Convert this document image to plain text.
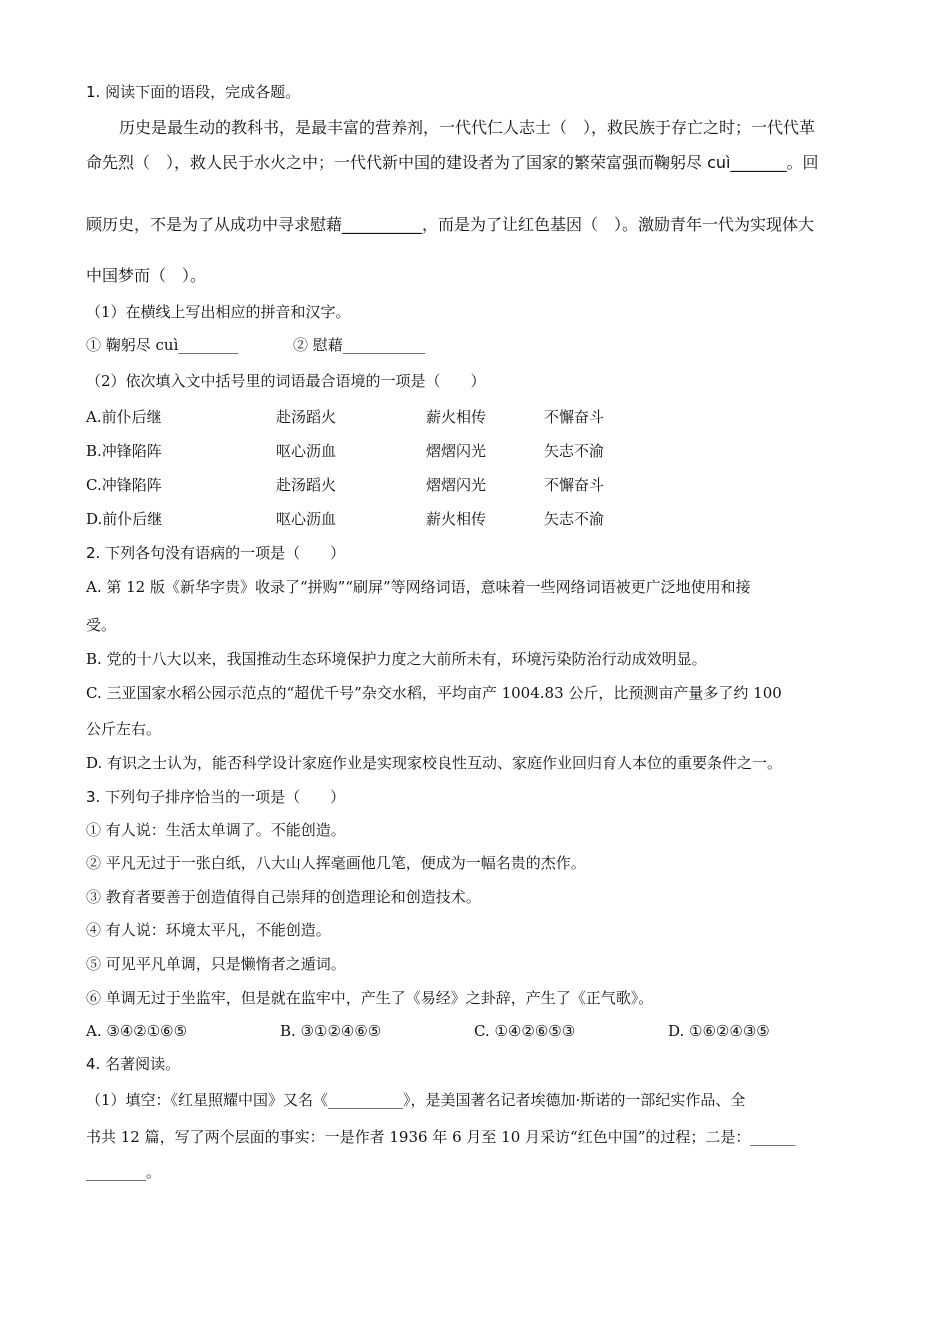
1. 阅读下面的语段，完成各题。
历史是最生动的教科书，是最丰富的营养剂，一代代仁人志士（　），救民族于存亡之时；一代代革
命先烈（　），救人民于水火之中；一代代新中国的建设者为了国家的繁荣富强而鞠躬尽 cuì_______。回
顾历史，不是为了从成功中寻求慰藉__________，而是为了让红色基因（　）。激励青年一代为实现体大
中国梦而（　）。
（1）在横线上写出相应的拼音和汉字。
① 鞠躬尽 cuì________	② 慰藉___________
（2）依次填入文中括号里的词语最合语境的一项是（　　）
A.前仆后继	赴汤蹈火	薪火相传	不懈奋斗
B.冲锋陷阵	呕心沥血	熠熠闪光	矢志不渝
C.冲锋陷阵	赴汤蹈火	熠熠闪光	不懈奋斗
D.前仆后继	呕心沥血	薪火相传	矢志不渝
2. 下列各句没有语病的一项是（　　）
A. 第 12 版《新华字贵》收录了“拼购”“刷屏”等网络词语，意味着一些网络词语被更广泛地使用和接
受。
B. 党的十八大以来，我国推动生态环境保护力度之大前所未有，环境污染防治行动成效明显。
C. 三亚国家水稻公园示范点的“超优千号”杂交水稻，平均亩产 1004.83 公斤，比预测亩产量多了约 100
公斤左右。
D. 有识之士认为，能否科学设计家庭作业是实现家校良性互动、家庭作业回归育人本位的重要条件之一。
3. 下列句子排序恰当的一项是（　　）
① 有人说：生活太单调了。不能创造。
② 平凡无过于一张白纸，八大山人挥毫画他几笔，便成为一幅名贵的杰作。
③ 教育者要善于创造值得自己崇拜的创造理论和创造技术。
④ 有人说：环境太平凡，不能创造。
⑤ 可见平凡单调，只是懒惰者之遁词。
⑥ 单调无过于坐监牢，但是就在监牢中，产生了《易经》之卦辞，产生了《正气歌》。
A. ③④②①⑥⑤	B. ③①②④⑥⑤	C. ①④②⑥⑤③	D. ①⑥②④③⑤
4. 名著阅读。
（1）填空：《红星照耀中国》又名《__________》，是美国著名记者埃德加·斯诺的一部纪实作品、全
书共 12 篇，写了两个层面的事实：一是作者 1936 年 6 月至 10 月采访“红色中国”的过程；二是：______
________。
